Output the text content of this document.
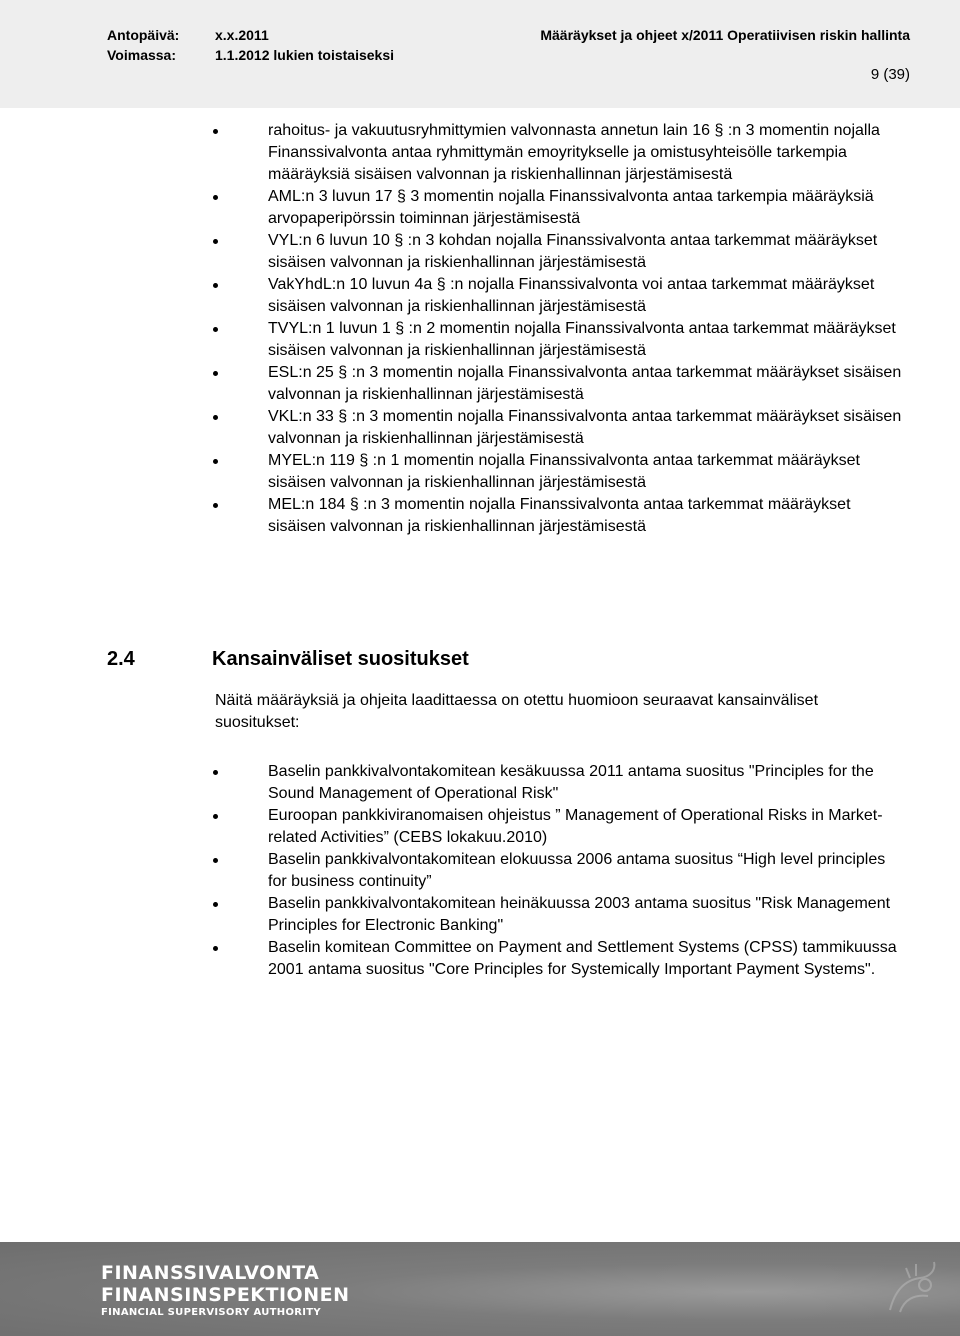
Antopäivä:	x.x.2011
Voimassa:	1.1.2012 lukien toistaiseksi
Määräykset ja ohjeet x/2011 Operatiivisen riskin hallinta
9 (39)
rahoitus- ja vakuutusryhmittymien valvonnasta annetun lain 16 § :n 3 momentin nojalla Finanssivalvonta antaa ryhmittymän emoyritykselle ja omistusyhteisölle tarkempia määräyksiä sisäisen valvonnan ja riskienhallinnan järjestämisestä
AML:n 3 luvun 17 § 3 momentin nojalla Finanssivalvonta antaa tarkempia määräyksiä arvopaperipörssin toiminnan järjestämisestä
VYL:n 6 luvun 10 § :n 3 kohdan nojalla Finanssivalvonta antaa tarkemmat määräykset sisäisen valvonnan ja riskienhallinnan järjestämisestä
VakYhdL:n 10 luvun 4a § :n nojalla Finanssivalvonta voi antaa tarkemmat määräykset sisäisen valvonnan ja riskienhallinnan järjestämisestä
TVYL:n 1 luvun 1 § :n 2 momentin nojalla Finanssivalvonta antaa tarkemmat määräykset sisäisen valvonnan ja riskienhallinnan järjestämisestä
ESL:n 25 § :n 3 momentin nojalla Finanssivalvonta antaa tarkemmat määräykset sisäisen valvonnan ja riskienhallinnan järjestämisestä
VKL:n 33 § :n 3 momentin nojalla Finanssivalvonta antaa tarkemmat määräykset sisäisen valvonnan ja riskienhallinnan järjestämisestä
MYEL:n 119 § :n 1 momentin nojalla Finanssivalvonta antaa tarkemmat määräykset sisäisen valvonnan ja riskienhallinnan järjestämisestä
MEL:n 184 § :n 3 momentin nojalla Finanssivalvonta antaa tarkemmat määräykset sisäisen valvonnan ja riskienhallinnan järjestämisestä
2.4	Kansainväliset suositukset
Näitä määräyksiä ja ohjeita laadittaessa on otettu huomioon seuraavat kansainväliset suositukset:
Baselin pankkivalvontakomitean kesäkuussa 2011 antama suositus "Principles for the Sound Management of Operational Risk"
Euroopan pankkiviranomaisen ohjeistus ” Management of Operational Risks in Market-related Activities” (CEBS lokakuu.2010)
Baselin pankkivalvontakomitean elokuussa 2006 antama suositus “High level principles for business continuity”
Baselin pankkivalvontakomitean heinäkuussa 2003 antama suositus "Risk Management Principles for Electronic Banking"
Baselin komitean Committee on Payment and Settlement Systems (CPSS) tammikuussa 2001 antama suositus "Core Principles for Systemically Important Payment Systems".
FINANSSIVALVONTA
FINANSINSPEKTIONEN
FINANCIAL SUPERVISORY AUTHORITY
